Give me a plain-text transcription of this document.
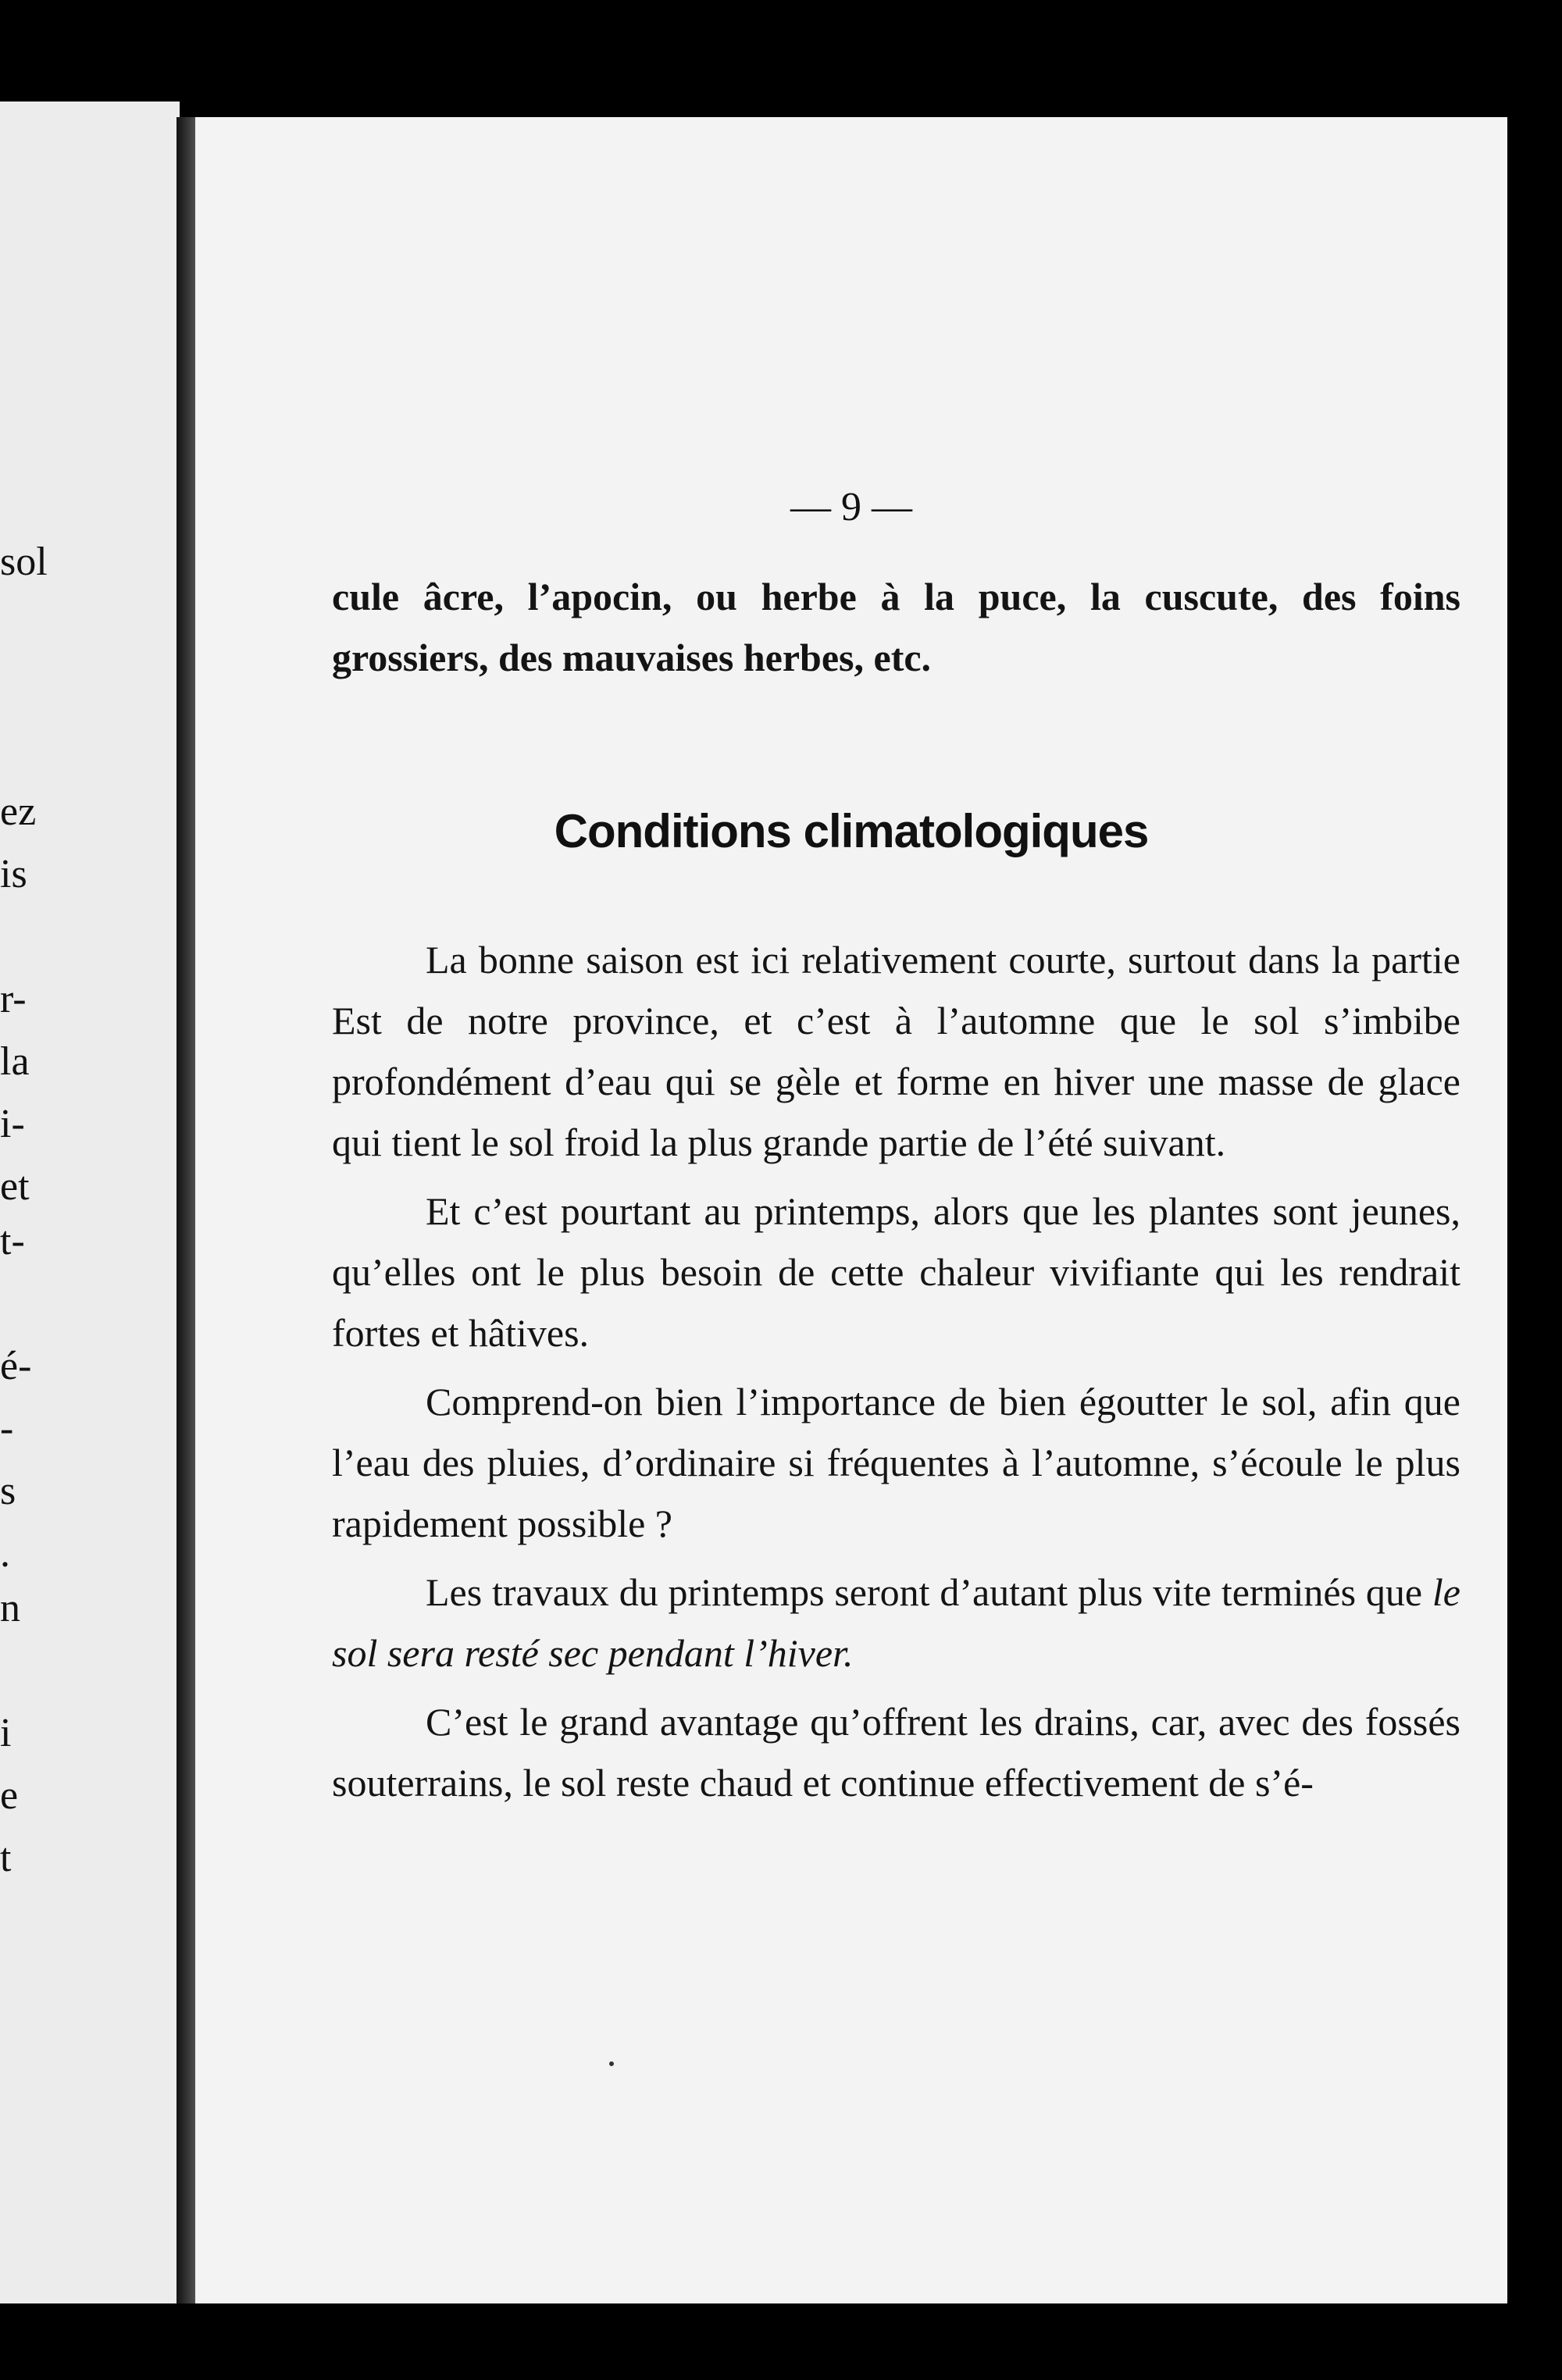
sol
ez
is
r-
la
i-
et
t-
é-
-
s
.
n
i
e
t
— 9 —

cule âcre, l’apocin, ou herbe à la puce, la cuscute, des foins grossiers, des mauvaises herbes, etc.

Conditions climatologiques

La bonne saison est ici relativement courte, surtout dans la partie Est de notre province, et c’est à l’automne que le sol s’imbibe profondément d’eau qui se gèle et forme en hiver une masse de glace qui tient le sol froid la plus grande partie de l’été suivant.

Et c’est pourtant au printemps, alors que les plantes sont jeunes, qu’elles ont le plus besoin de cette chaleur vivifiante qui les rendrait fortes et hâtives.

Comprend-on bien l’importance de bien égoutter le sol, afin que l’eau des pluies, d’ordinaire si fréquentes à l’automne, s’écoule le plus rapidement possible ?

Les travaux du printemps seront d’autant plus vite terminés que le sol sera resté sec pendant l’hiver.

C’est le grand avantage qu’offrent les drains, car, avec des fossés souterrains, le sol reste chaud et continue effectivement de s’é-
